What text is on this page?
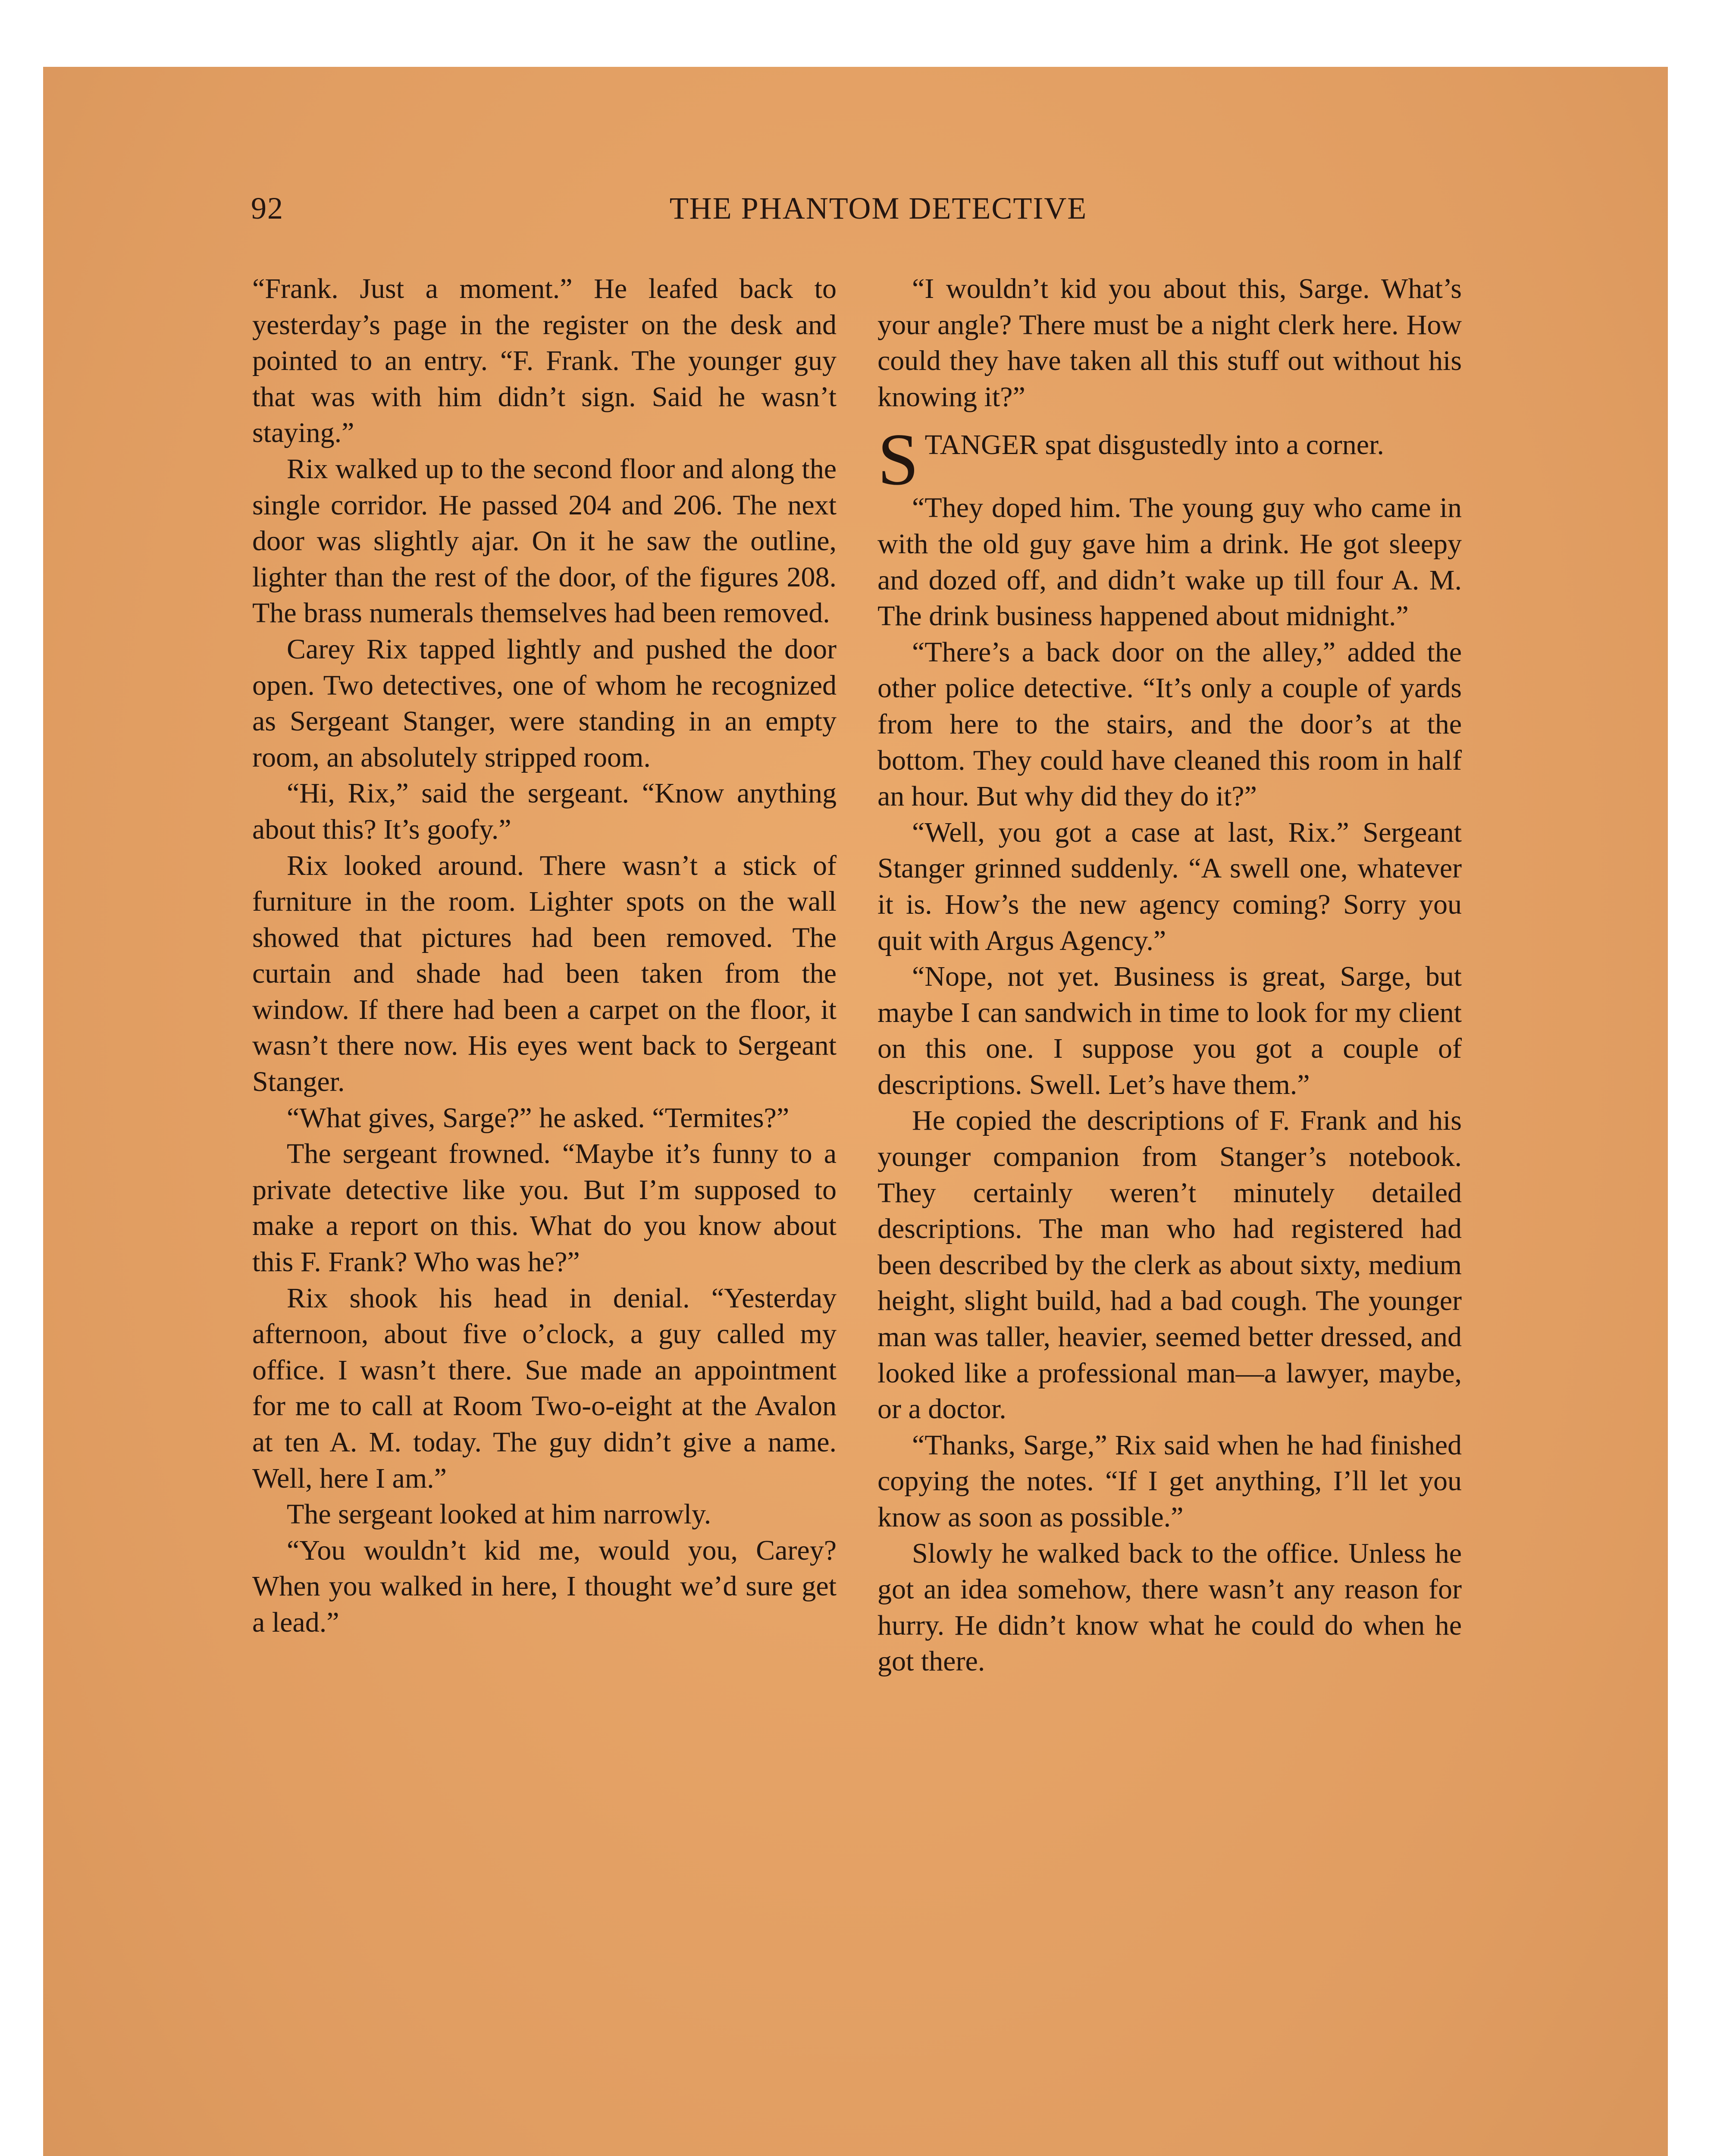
92	THE PHANTOM DETECTIVE

“Frank. Just a moment.” He leafed back to yesterday’s page in the register on the desk and pointed to an entry. “F. Frank. The younger guy that was with him didn’t sign. Said he wasn’t staying.”

Rix walked up to the second floor and along the single corridor. He passed 204 and 206. The next door was slightly ajar. On it he saw the outline, lighter than the rest of the door, of the figures 208. The brass numerals themselves had been removed.

Carey Rix tapped lightly and pushed the door open. Two detectives, one of whom he recognized as Sergeant Stanger, were standing in an empty room, an absolutely stripped room.

“Hi, Rix,” said the sergeant. “Know anything about this? It’s goofy.”

Rix looked around. There wasn’t a stick of furniture in the room. Lighter spots on the wall showed that pictures had been removed. The curtain and shade had been taken from the window. If there had been a carpet on the floor, it wasn’t there now. His eyes went back to Sergeant Stanger.

“What gives, Sarge?” he asked. “Termites?”

The sergeant frowned. “Maybe it’s funny to a private detective like you. But I’m supposed to make a report on this. What do you know about this F. Frank? Who was he?”

Rix shook his head in denial. “Yesterday afternoon, about five o’clock, a guy called my office. I wasn’t there. Sue made an appointment for me to call at Room Two-o-eight at the Avalon at ten A. M. today. The guy didn’t give a name. Well, here I am.”

The sergeant looked at him narrowly.

“You wouldn’t kid me, would you, Carey? When you walked in here, I thought we’d sure get a lead.”

“I wouldn’t kid you about this, Sarge. What’s your angle? There must be a night clerk here. How could they have taken all this stuff out without his knowing it?”

STANGER spat disgustedly into a corner.

“They doped him. The young guy who came in with the old guy gave him a drink. He got sleepy and dozed off, and didn’t wake up till four A. M. The drink business happened about midnight.”

“There’s a back door on the alley,” added the other police detective. “It’s only a couple of yards from here to the stairs, and the door’s at the bottom. They could have cleaned this room in half an hour. But why did they do it?”

“Well, you got a case at last, Rix.” Sergeant Stanger grinned suddenly. “A swell one, whatever it is. How’s the new agency coming? Sorry you quit with Argus Agency.”

“Nope, not yet. Business is great, Sarge, but maybe I can sandwich in time to look for my client on this one. I suppose you got a couple of descriptions. Swell. Let’s have them.”

He copied the descriptions of F. Frank and his younger companion from Stanger’s notebook. They certainly weren’t minutely detailed descriptions. The man who had registered had been described by the clerk as about sixty, medium height, slight build, had a bad cough. The younger man was taller, heavier, seemed better dressed, and looked like a professional man—a lawyer, maybe, or a doctor.

“Thanks, Sarge,” Rix said when he had finished copying the notes. “If I get anything, I’ll let you know as soon as possible.”

Slowly he walked back to the office. Unless he got an idea somehow, there wasn’t any reason for hurry. He didn’t know what he could do when he got there.
